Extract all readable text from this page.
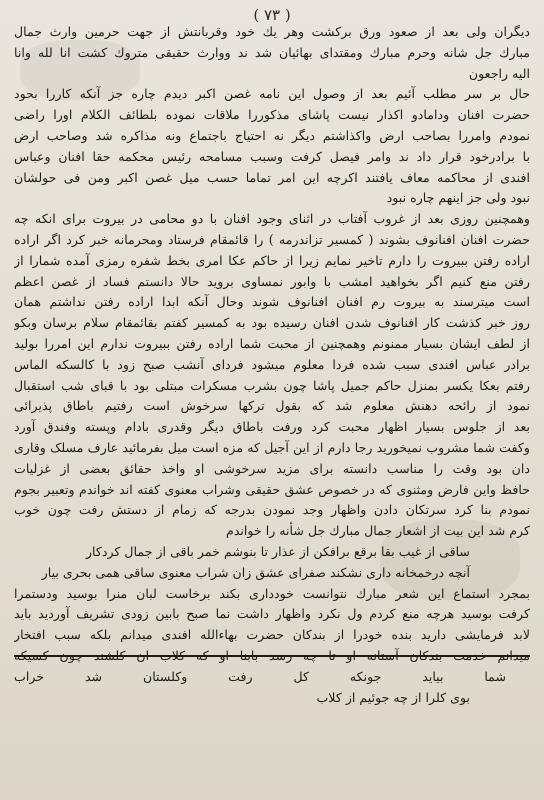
( ٧٣ )
دیگران ولی بعد از صعود ورق برکشت وهر یك خود وقربانتش از جهت حرمین وارث جمال
مبارك جل شانه وحرم مبارك ومقتدای بهائیان شد ند ووارث حقیقی متروك کشت انا لله وانا
الیه راجعون
حال بر سر مطلب آئیم بعد از وصول این نامه غصن اکبر دیدم چاره جز آنکه کاررا بحود
حضرت افنان ودامادو اکذار نیست پاشای مذکوررا ملاقات نموده بلطائف الکلام اورا راضی
نمودم وامررا بصاحب ارض واکذاشتم دیگر نه احتیاج باجتماع ونه مذاکره شد وصاحب ارض
با برادرخود قرار داد ند وامر فیصل کرفت وسبب مسامحه رئیس محکمه حقا افنان وعباس
افندی از محاکمه معاف یافتند اکرچه این امر تماما حسب میل غصن اکبر ومن فی حولشان
نبود ولی جز اینهم چاره نبود
وهمچنین روزی بعد از غروب آفتاب در اثنای وجود افنان با دو محامی در بیروت برای انکه چه
حضرت افنان افنانوف بشوند ( کمسیر تزاندرمه ) را قائمقام فرستاد ومحرمانه خبر کرد اگر اراده
اراده رفتن ببیروت را دارم تاخیر نمایم زیرا از حاکم عکا امری بخط شفره رمزی آمده شمارا از
رفتن منع کنیم اگر بخواهید امشب با وابور نمساوی بروید حالا دانستم فساد از غصن اعظم
است میترسند به بیروت رم افنان افنانوف شوند وحال آنکه ابدا اراده رفتن نداشتم همان
روز خبر کذشت کار افنانوف شدن افنان رسیده بود به کمسیر کفتم بقائمقام سلام برسان وبکو
از لطف ایشان بسیار ممنونم وهمچنین از محبت شما اراده رفتن ببیروت ندارم این امررا بولید
برادر عباس افندی سبب شده فردا معلوم میشود فردای آنشب صبح زود با کالسکه الماس
رفتم بعکا یکسر بمنزل حاکم جمیل پاشا چون بشرب مسکرات مبتلی بود با قبای شب استقبال
نمود از رائحه دهنش معلوم شد که بقول ترکها سرخوش است رفتیم باطاق پذیرائی
بعد از جلوس بسیار اظهار محبت کرد ورفت باطاق دیگر وقدری بادام وپسته وفندق آورد
وکفت شما مشروب نمیخورید رجا دارم از این آجیل که مزه است میل بفرمائید عارف مسلک وقاری
دان بود وقت را مناسب دانسته برای مزید سرخوشی او واخذ حقائق بعضی از غزلیات
حافظ واین فارض ومثنوی که در خصوص عشق حقیقی وشراب معنوی کفته اند خواندم وتعبیر بجوم
نمودم بنا کرد سرتکان دادن واظهار وجد نمودن بدرجه که زمام از دستش رفت چون خوب
کرم شد این بیت از اشعار جمال مبارك جل شأنه را خواندم
ساقی از غیب بقا برقع برافکن از عذار تا بنوشم خمر باقی از جمال کردکار
آنچه درخمخانه داری نشکند صفرای عشق زان شراب معنوی ساقی همی بحری بیار
بمجرد استماع این شعر مبارك نتوانست خودداری بکند برخاست لبان منرا بوسید ودستمرا
کرفت بوسید هرچه منع کردم ول نکرد واظهار داشت نما صبح بابین زودی تشریف آوردید باید
لابد فرمایشی دارید بنده خودرا از بندکان حضرت بهاءالله افندی میدانم بلکه سبب افتخار
میدانم خدمت بندکان آستانه او تا چه رسد بابنا او که کلاب ان کلشند چون کسیکه
شما بیاید جونکه کل رفت وکلستان شد خراب
بوی کلرا از چه جوئیم از کلاب
